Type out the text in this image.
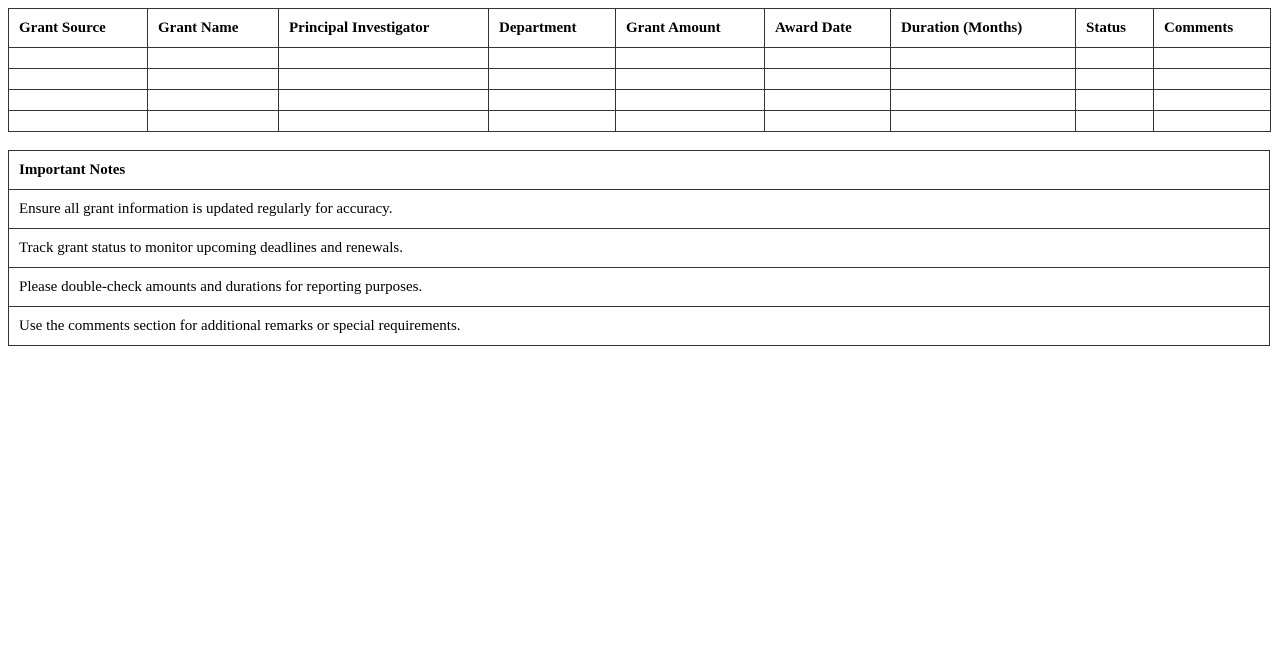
Grant Source	Grant Name	Principal Investigator	Department	Grant Amount	Award Date	Duration (Months)	Status	Comments

Important Notes
Ensure all grant information is updated regularly for accuracy.
Track grant status to monitor upcoming deadlines and renewals.
Please double-check amounts and durations for reporting purposes.
Use the comments section for additional remarks or special requirements.
